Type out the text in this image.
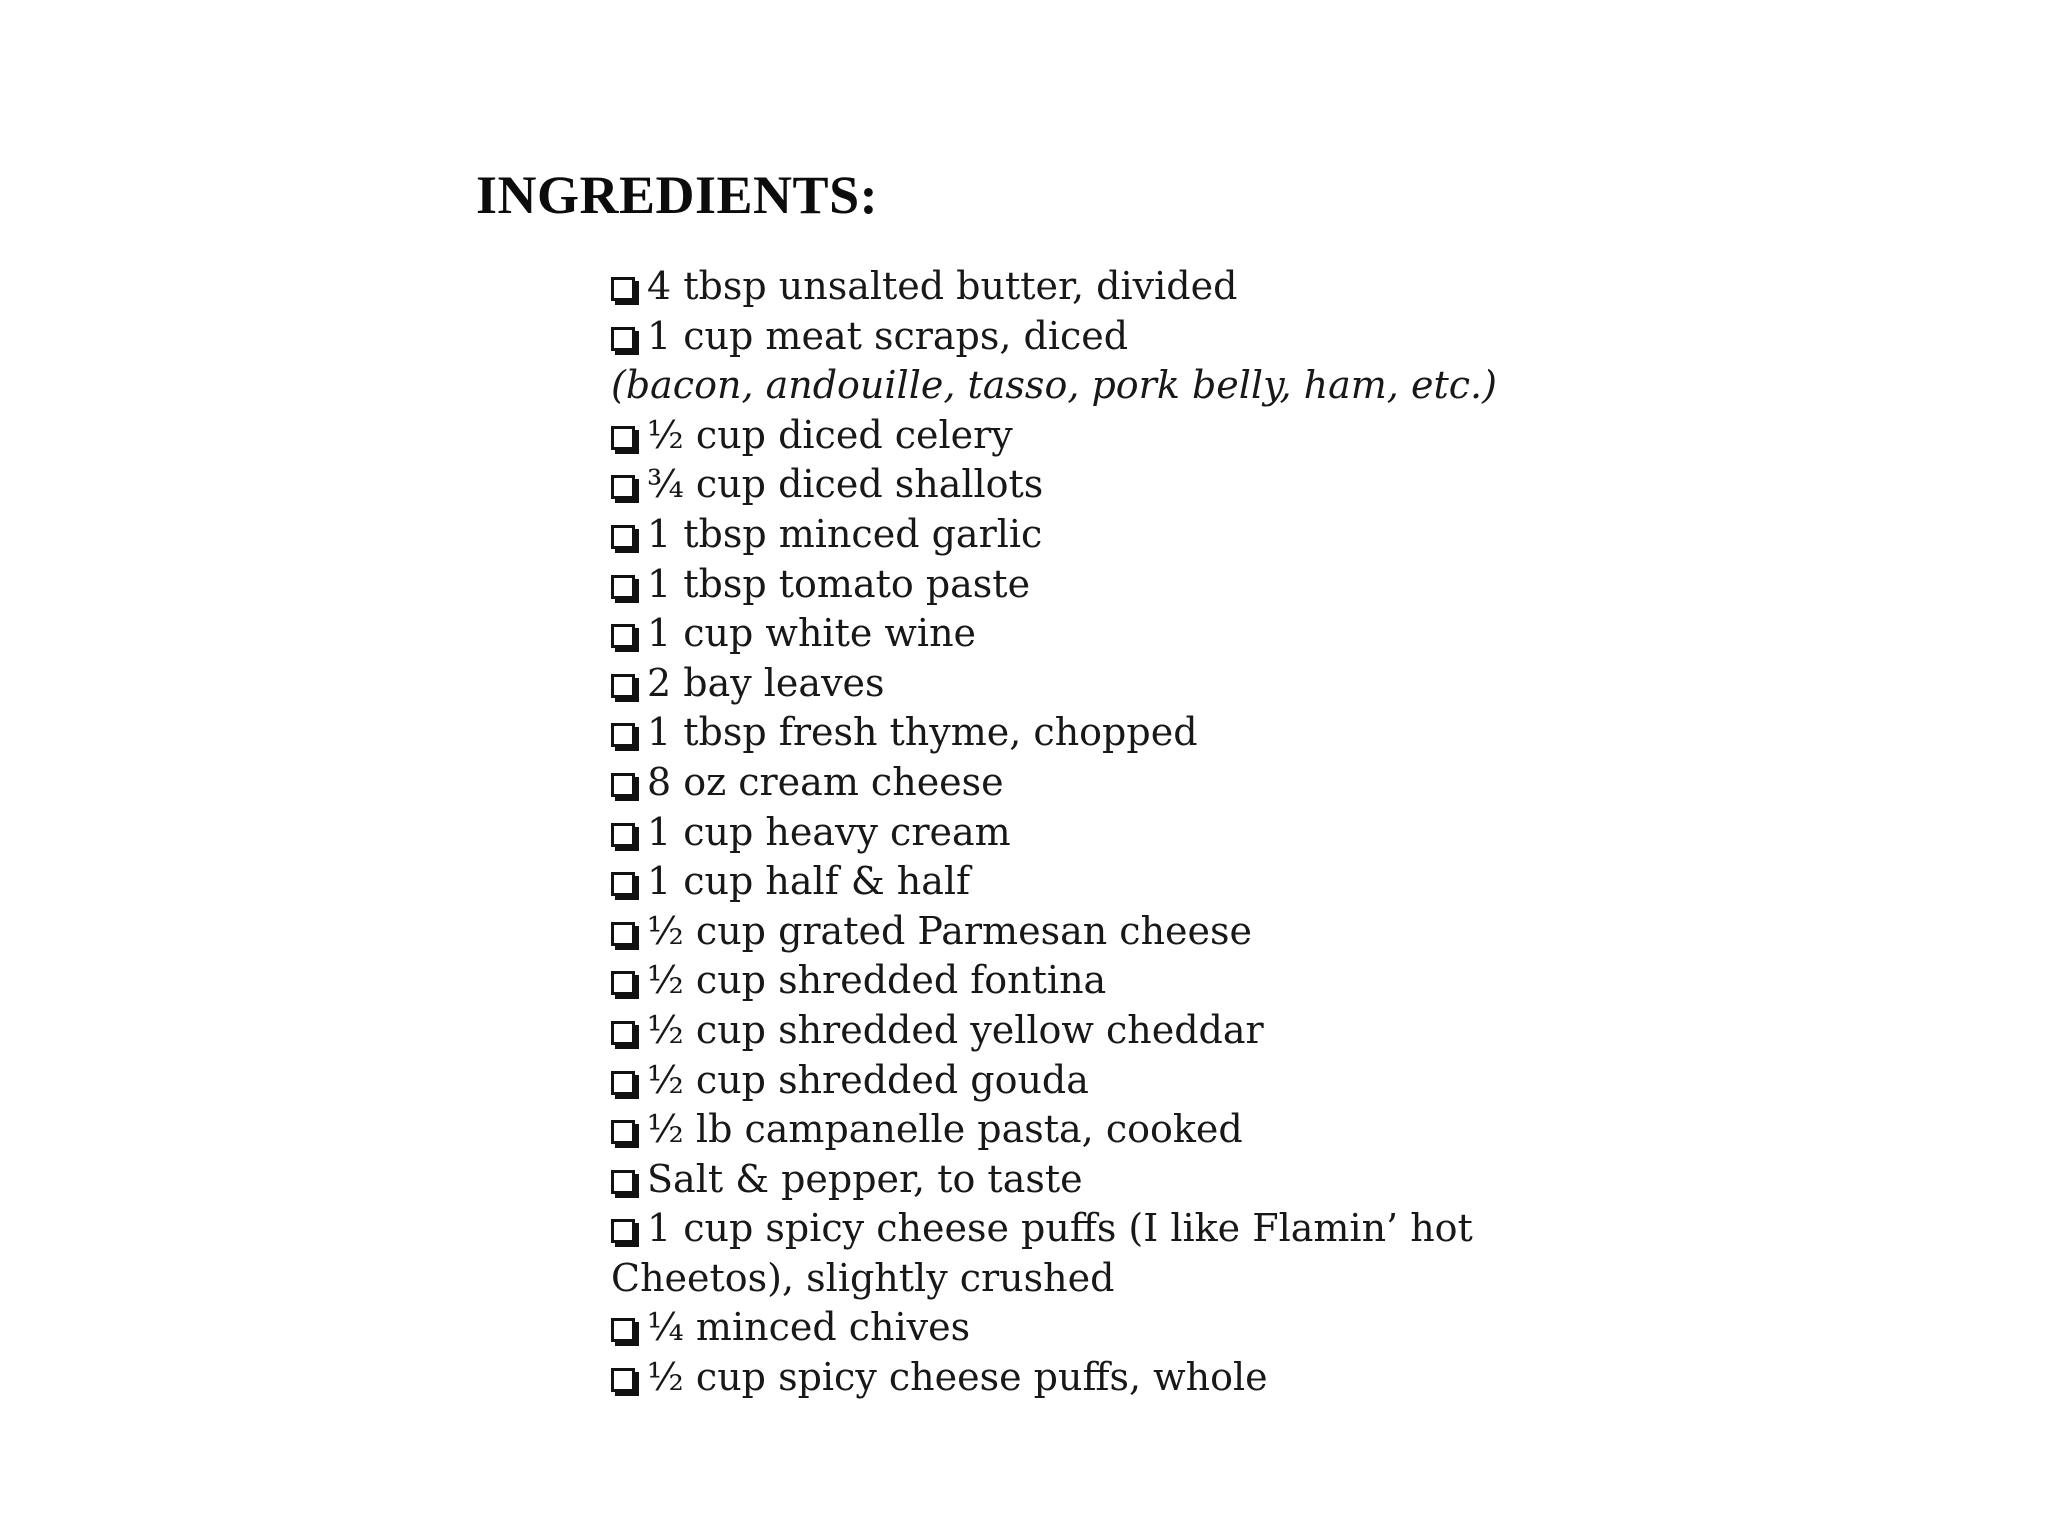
INGREDIENTS:
4 tbsp unsalted butter, divided
1 cup meat scraps, diced
(bacon, andouille, tasso, pork belly, ham, etc.)
½ cup diced celery
¾ cup diced shallots
1 tbsp minced garlic
1 tbsp tomato paste
1 cup white wine
2 bay leaves
1 tbsp fresh thyme, chopped
8 oz cream cheese
1 cup heavy cream
1 cup half & half
½ cup grated Parmesan cheese
½ cup shredded fontina
½ cup shredded yellow cheddar
½ cup shredded gouda
½ lb campanelle pasta, cooked
Salt & pepper, to taste
1 cup spicy cheese puffs (I like Flamin’ hot
Cheetos), slightly crushed
¼ minced chives
½ cup spicy cheese puffs, whole
